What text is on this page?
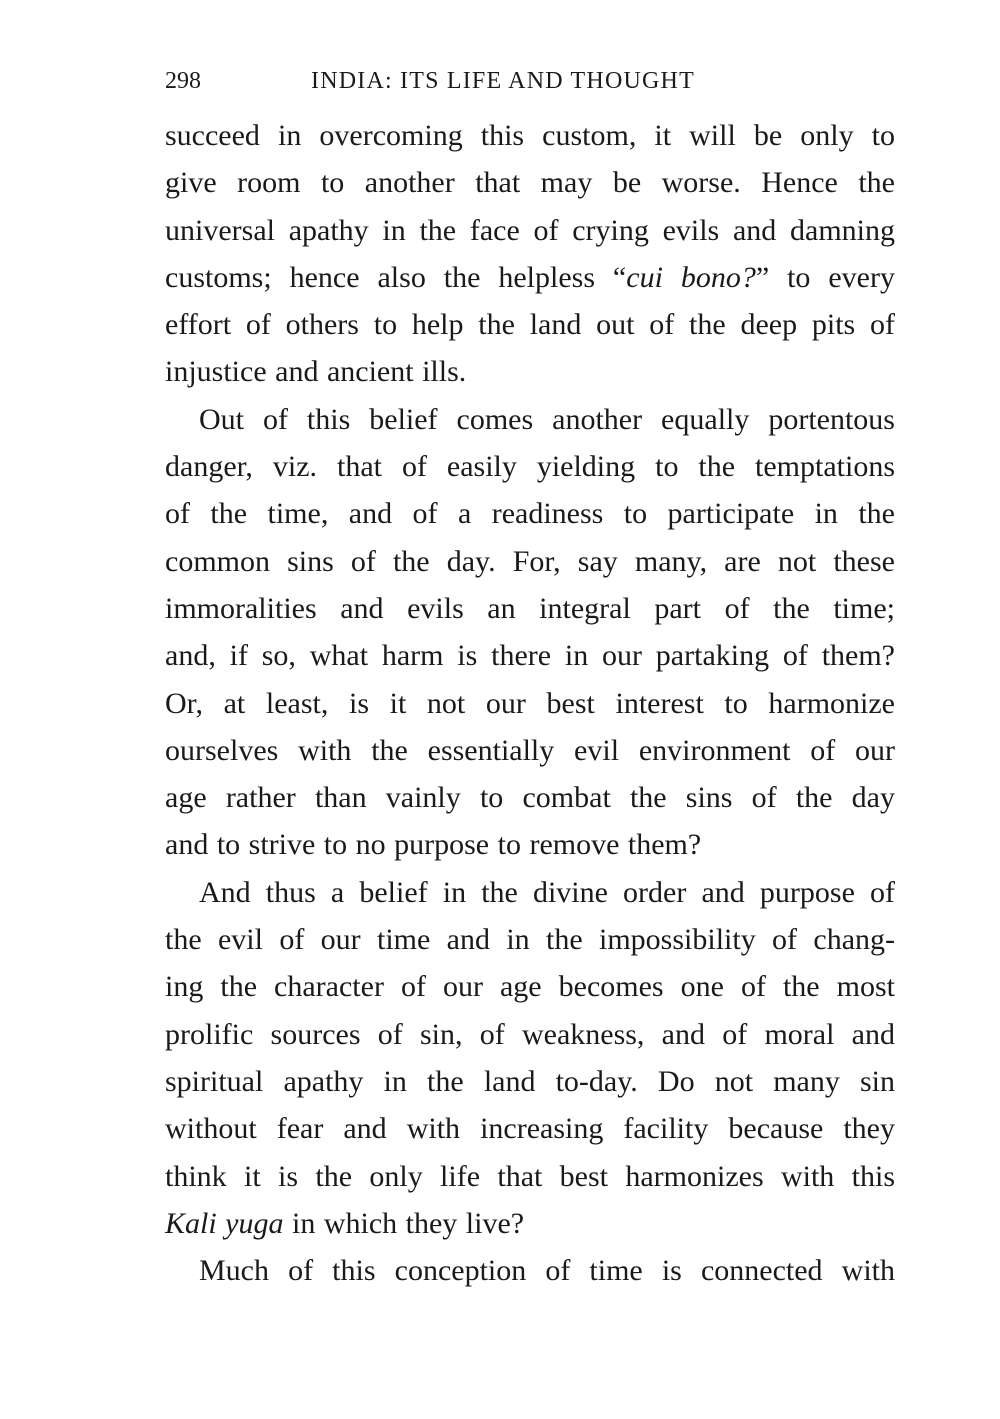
298	INDIA: ITS LIFE AND THOUGHT
succeed in overcoming this custom, it will be only to
give room to another that may be worse. Hence the
universal apathy in the face of crying evils and damning
customs; hence also the helpless “cui bono?” to every
effort of others to help the land out of the deep pits of
injustice and ancient ills.
Out of this belief comes another equally portentous
danger, viz. that of easily yielding to the temptations
of the time, and of a readiness to participate in the
common sins of the day. For, say many, are not these
immoralities and evils an integral part of the time;
and, if so, what harm is there in our partaking of them?
Or, at least, is it not our best interest to harmonize
ourselves with the essentially evil environment of our
age rather than vainly to combat the sins of the day
and to strive to no purpose to remove them?
And thus a belief in the divine order and purpose of
the evil of our time and in the impossibility of chang-
ing the character of our age becomes one of the most
prolific sources of sin, of weakness, and of moral and
spiritual apathy in the land to-day. Do not many sin
without fear and with increasing facility because they
think it is the only life that best harmonizes with this
Kali yuga in which they live?
Much of this conception of time is connected with
